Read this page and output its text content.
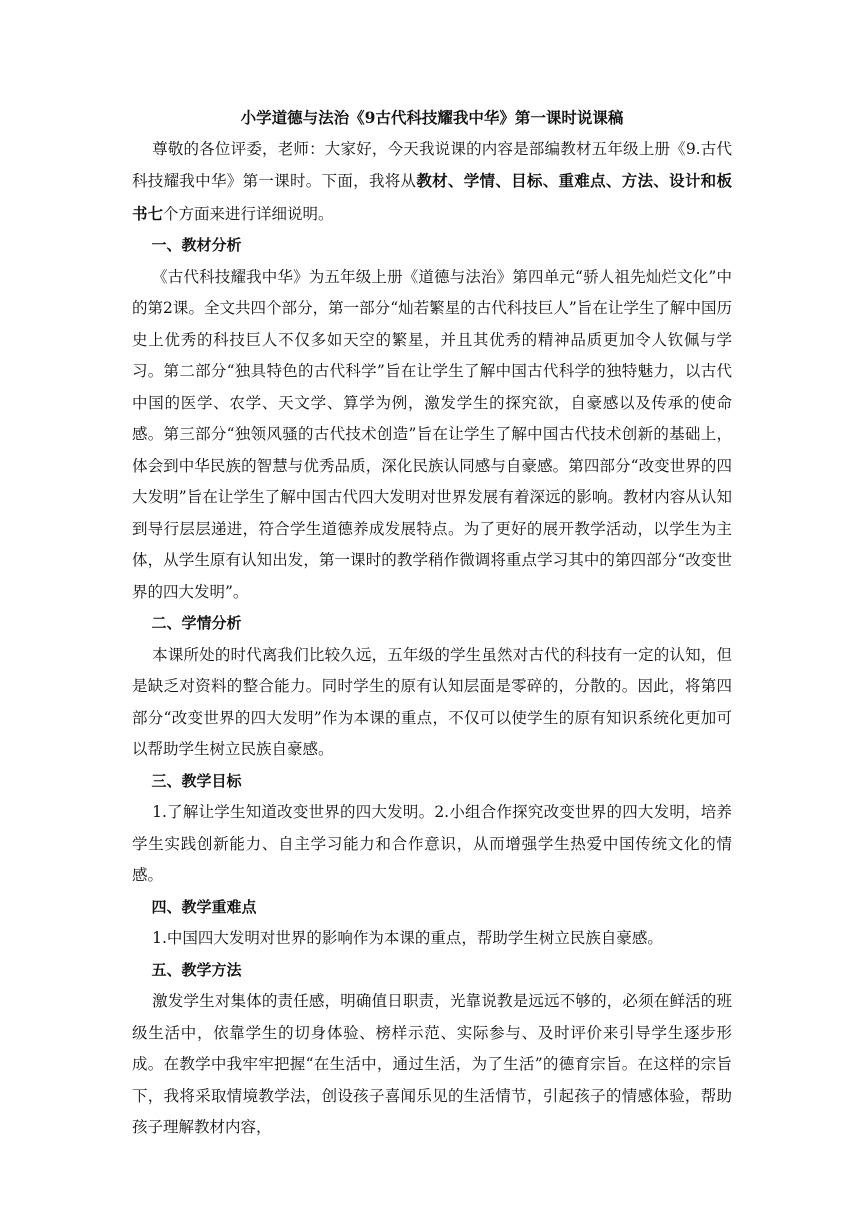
小学道德与法治《9古代科技耀我中华》第一课时说课稿

尊敬的各位评委，老师：大家好，今天我说课的内容是部编教材五年级上册《9.古代科技耀我中华》第一课时。下面，我将从教材、学情、目标、重难点、方法、设计和板书七个方面来进行详细说明。

一、教材分析

《古代科技耀我中华》为五年级上册《道德与法治》第四单元“骄人祖先灿烂文化”中的第2课。全文共四个部分，第一部分“灿若繁星的古代科技巨人”旨在让学生了解中国历史上优秀的科技巨人不仅多如天空的繁星，并且其优秀的精神品质更加令人钦佩与学习。第二部分“独具特色的古代科学”旨在让学生了解中国古代科学的独特魅力，以古代中国的医学、农学、天文学、算学为例，激发学生的探究欲，自豪感以及传承的使命感。第三部分“独领风骚的古代技术创造”旨在让学生了解中国古代技术创新的基础上，体会到中华民族的智慧与优秀品质，深化民族认同感与自豪感。第四部分“改变世界的四大发明”旨在让学生了解中国古代四大发明对世界发展有着深远的影响。教材内容从认知到导行层层递进，符合学生道德养成发展特点。为了更好的展开教学活动，以学生为主体，从学生原有认知出发，第一课时的教学稍作微调将重点学习其中的第四部分“改变世界的四大发明”。

二、学情分析

本课所处的时代离我们比较久远，五年级的学生虽然对古代的科技有一定的认知，但是缺乏对资料的整合能力。同时学生的原有认知层面是零碎的，分散的。因此，将第四部分“改变世界的四大发明”作为本课的重点，不仅可以使学生的原有知识系统化更加可以帮助学生树立民族自豪感。

三、教学目标

1.了解让学生知道改变世界的四大发明。2.小组合作探究改变世界的四大发明，培养学生实践创新能力、自主学习能力和合作意识，从而增强学生热爱中国传统文化的情感。

四、教学重难点

1.中国四大发明对世界的影响作为本课的重点，帮助学生树立民族自豪感。

五、教学方法

激发学生对集体的责任感，明确值日职责，光靠说教是远远不够的，必须在鲜活的班级生活中，依靠学生的切身体验、榜样示范、实际参与、及时评价来引导学生逐步形成。在教学中我牢牢把握“在生活中，通过生活，为了生活”的德育宗旨。在这样的宗旨下，我将采取情境教学法，创设孩子喜闻乐见的生活情节，引起孩子的情感体验，帮助孩子理解教材内容，
